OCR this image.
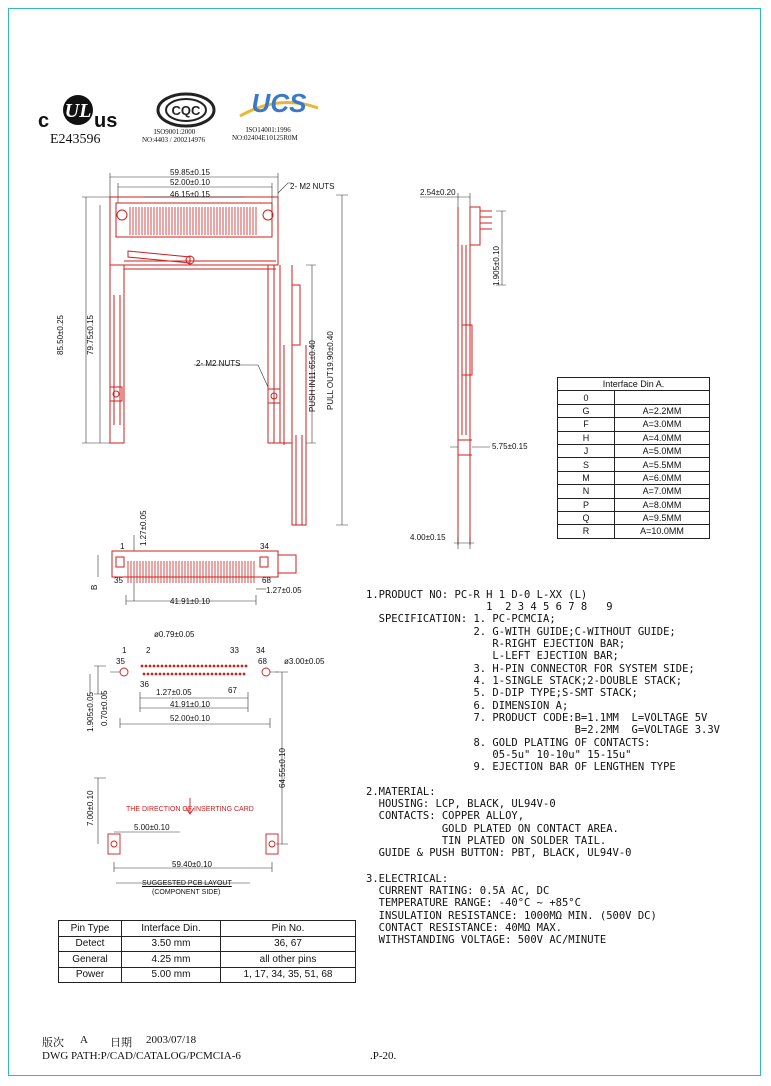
UL
c us
E243596
CQC
ISO9001:2000
NO:4403 / 200214976
UCS
ISO14001:1996
NO:02404E10125R0M
59.85±0.15
52.00±0.10
46.15±0.15
2- M2 NUTS
2- M2 NUTS
85.50±0.25	79.75±0.15
PUSH IN11.65±0.40 PULL OUT19.90±0.40
2.54±0.20
1.905±0.10
5.75±0.15
4.00±0.15
Interface Din A.	
0	
G	A=2.2MM
F	A=3.0MM
H	A=4.0MM
J	A=5.0MM
S	A=5.5MM
M	A=6.0MM
N	A=7.0MM
P	A=8.0MM
Q	A=9.5MM
R	A=10.0MM
1.27±0.05
1	34
35	68
41.91±0.10
1.27±0.05
B
ø0.79±0.05
ø3.00±0.05
1 2	33 34
35
36
67
68
1.27±0.05
41.91±0.10
52.00±0.10
1.905±0.05 0.70±0.05
64.55±0.10
7.00±0.10
5.00±0.10
59.40±0.10
THE DIRECTION OF INSERTING CARD
SUGGESTED PCB LAYOUT
(COMPONENT SIDE)
Pin Type	Interface Din.	Pin No.
Detect	3.50 mm	36, 67
General	4.25 mm	all other pins
Power	5.00 mm	1, 17, 34, 35, 51, 68
1.PRODUCT NO: PC-R H 1 D-0 L-XX (L)
1  2 3 4 5 6 7 8   9
SPECIFICATION: 1. PC-PCMCIA;
2. G-WITH GUIDE;C-WITHOUT GUIDE;
R-RIGHT EJECTION BAR;
L-LEFT EJECTION BAR;
3. H-PIN CONNECTOR FOR SYSTEM SIDE;
4. 1-SINGLE STACK;2-DOUBLE STACK;
5. D-DIP TYPE;S-SMT STACK;
6. DIMENSION A;
7. PRODUCT CODE:B=1.1MM  L=VOLTAGE 5V
B=2.2MM  G=VOLTAGE 3.3V
8. GOLD PLATING OF CONTACTS:
05-5u" 10-10u" 15-15u"
9. EJECTION BAR OF LENGTHEN TYPE
2.MATERIAL:
HOUSING: LCP, BLACK, UL94V-0
CONTACTS: COPPER ALLOY,
GOLD PLATED ON CONTACT AREA.
TIN PLATED ON SOLDER TAIL.
GUIDE & PUSH BUTTON: PBT, BLACK, UL94V-0
3.ELECTRICAL:
CURRENT RATING: 0.5A AC, DC
TEMPERATURE RANGE: -40°C ~ +85°C
INSULATION RESISTANCE: 1000MΩ MIN. (500V DC)
CONTACT RESISTANCE: 40MΩ MAX.
WITHSTANDING VOLTAGE: 500V AC/MINUTE
版次 A 日期 2003/07/18
DWG PATH:P/CAD/CATALOG/PCMCIA-6	.P-20.
